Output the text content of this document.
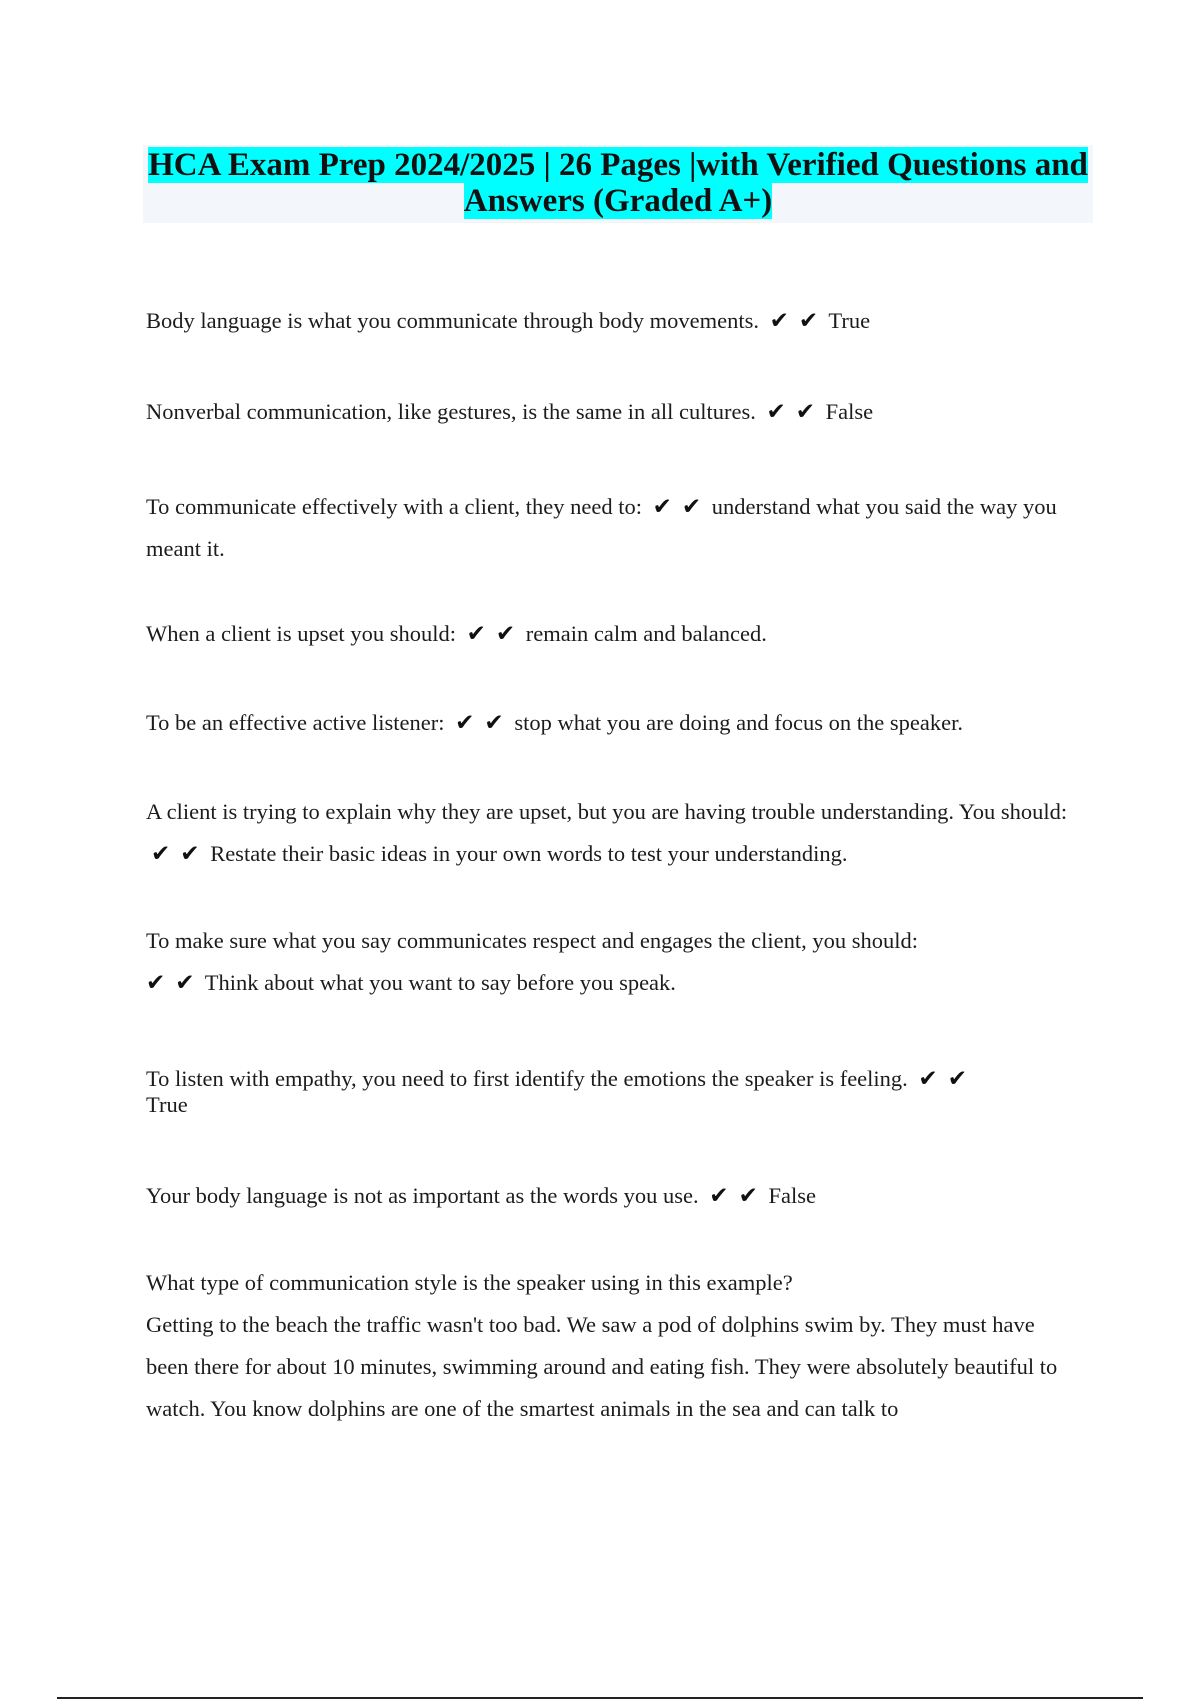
HCA Exam Prep 2024/2025 | 26 Pages |with Verified Questions and
Answers (Graded A+)

Body language is what you communicate through body movements. ✔ ✔ True

Nonverbal communication, like gestures, is the same in all cultures. ✔ ✔ False

To communicate effectively with a client, they need to: ✔ ✔ understand what you said the way you meant it.

When a client is upset you should: ✔ ✔ remain calm and balanced.

To be an effective active listener: ✔ ✔ stop what you are doing and focus on the speaker.

A client is trying to explain why they are upset, but you are having trouble understanding. You should: ✔ ✔ Restate their basic ideas in your own words to test your understanding.

To make sure what you say communicates respect and engages the client, you should:
✔ ✔ Think about what you want to say before you speak.

To listen with empathy, you need to first identify the emotions the speaker is feeling. ✔ ✔
True

Your body language is not as important as the words you use. ✔ ✔ False

What type of communication style is the speaker using in this example?
Getting to the beach the traffic wasn't too bad. We saw a pod of dolphins swim by. They must have been there for about 10 minutes, swimming around and eating fish. They were absolutely beautiful to watch. You know dolphins are one of the smartest animals in the sea and can talk to
